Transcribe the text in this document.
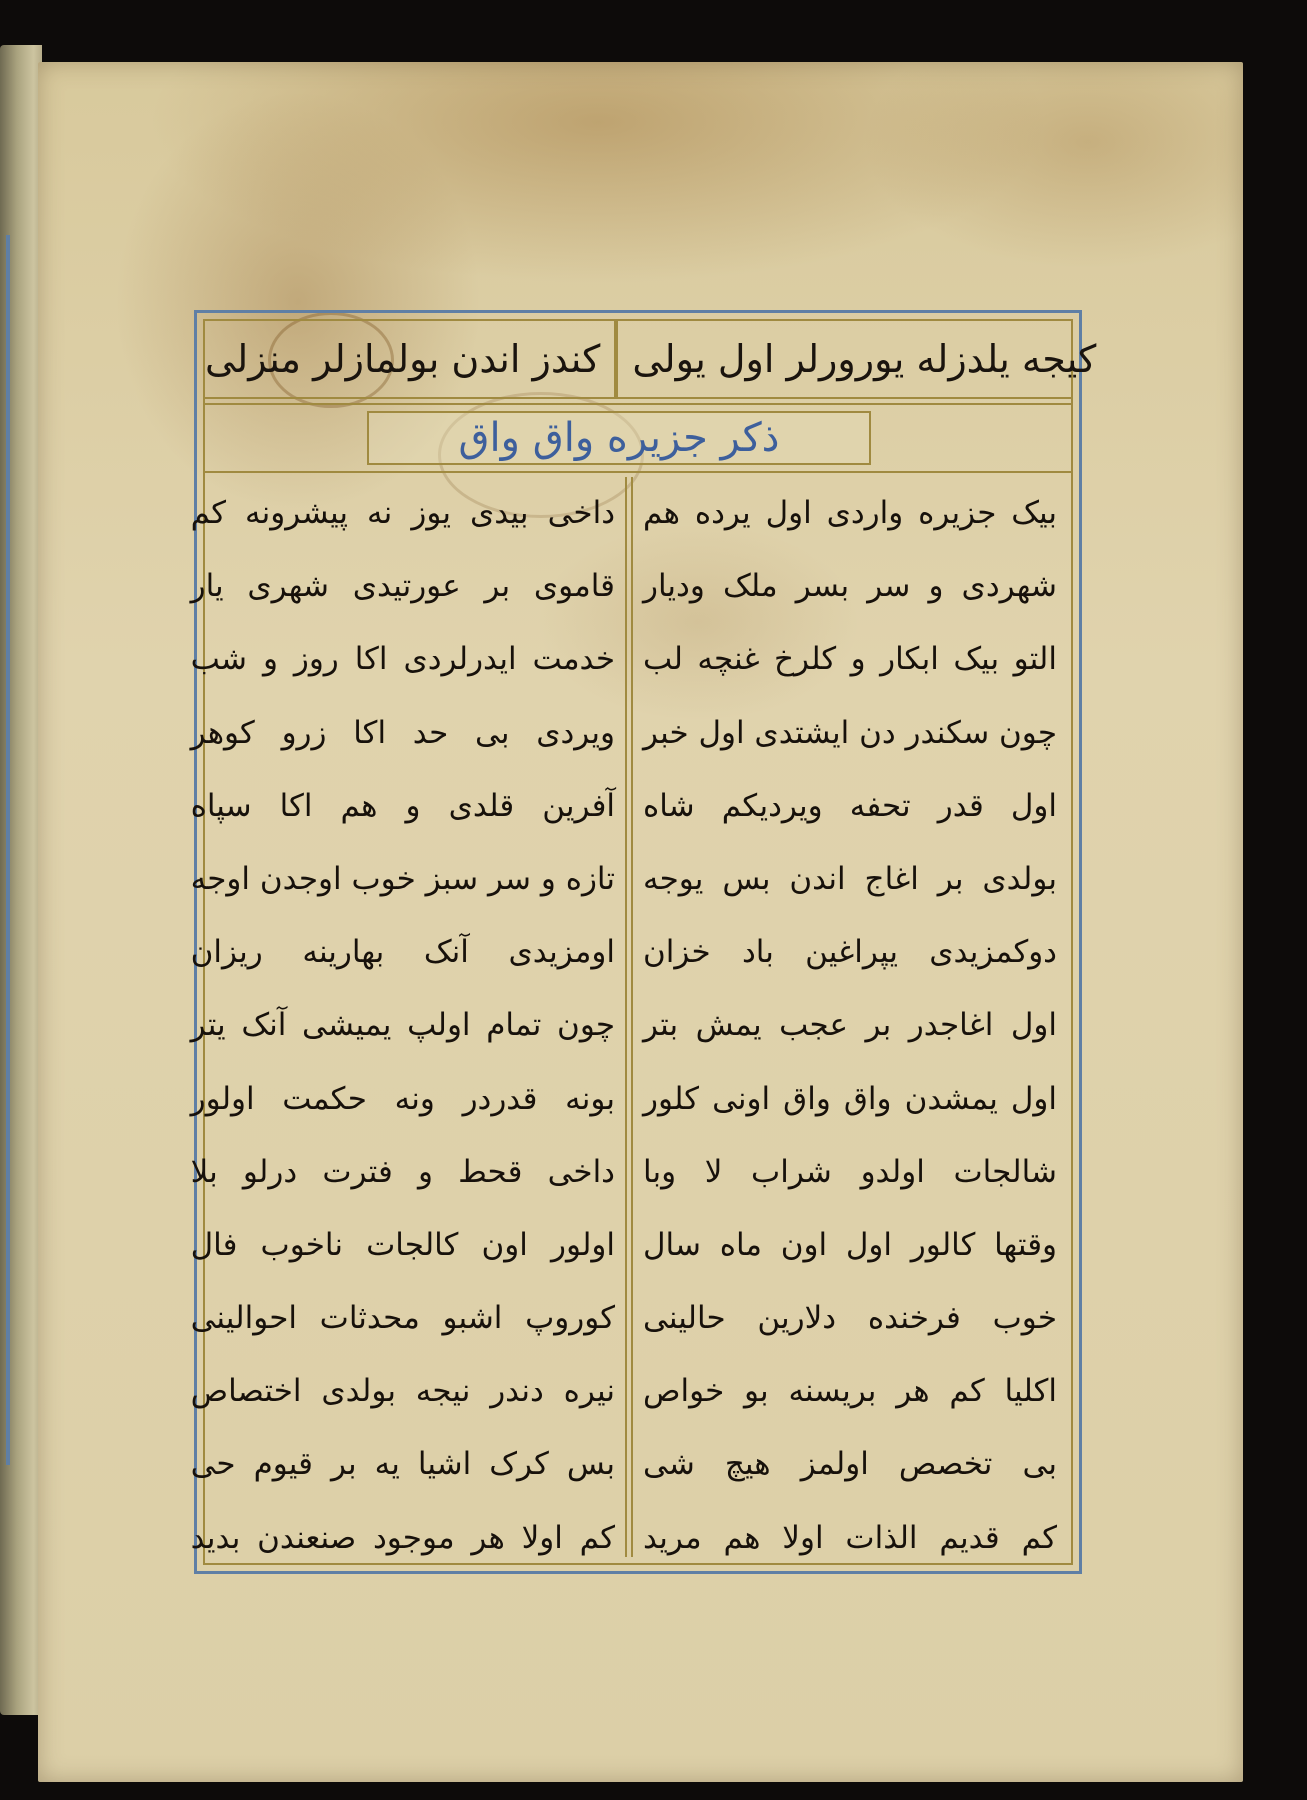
کندز اندن بولمازلر منزلی کیجه یلدزله یورورلر اول یولی
ذکر جزیره واق واق
بیک جزیره واردی اول یرده هم
شهردی و سر بسر ملک ودیار
التو بیک ابکار و کلرخ غنچه لب
چون سکندر دن ایشتدی اول خبر
اول قدر تحفه ویردیکم شاه
بولدی بر اغاج اندن بس یوجه
دوکمزیدی یپراغین باد خزان
اول اغاجدر بر عجب یمش بتر
اول یمشدن واق واق اونی کلور
شالجات اولدو شراب لا وبا
وقتها کالور اول اون ماه سال
خوب فرخنده دلارین حالینی
اکلیا کم هر بریسنه بو خواص
بی تخصص اولمز هیچ شی
کم قدیم الذات اولا هم مرید
داخی بیدی یوز نه پیشرونه کم
قاموی بر عورتیدی شهری یار
خدمت ایدرلردی اکا روز و شب
ویردی بی حد اکا زرو کوهر
آفرین قلدی و هم اکا سپاه
تازه و سر سبز خوب اوجدن اوجه
اومزیدی آنک بهارینه ریزان
چون تمام اولپ یمیشی آنک یتر
بونه قدردر ونه حکمت اولور
داخی قحط و فترت درلو بلا
اولور اون کالجات ناخوب فال
کوروپ اشبو محدثات احوالینی
نیره دندر نیجه بولدی اختصاص
بس کرک اشیا یه بر قیوم حی
کم اولا هر موجود صنعندن بدید
